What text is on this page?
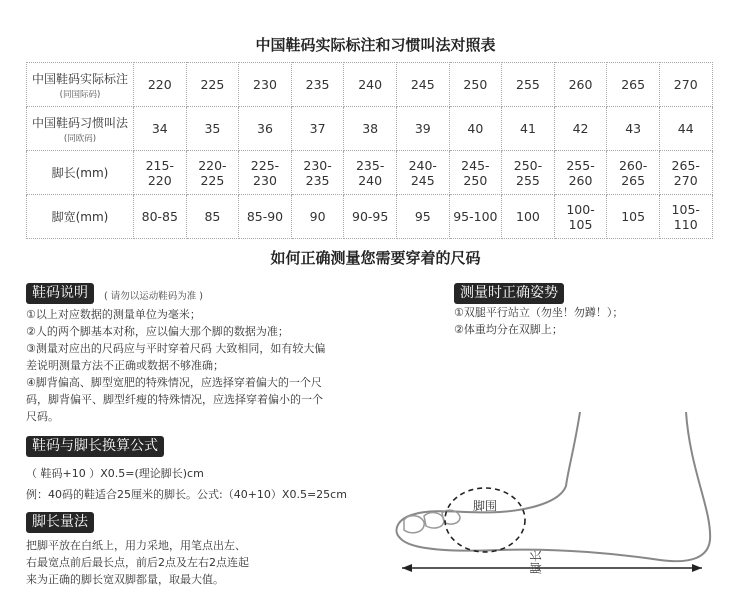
中国鞋码实际标注和习惯叫法对照表
中国鞋码实际标注
(同国际码)	220	225	230	235	240	245	250	255	260	265	270
中国鞋码习惯叫法
(同欧码)	34	35	36	37	38	39	40	41	42	43	44
脚长(mm)	215-220	220-225	225-230	230-235	235-240	240-245	245-250	250-255	255-260	260-265	265-270
脚宽(mm)	80-85	85	85-90	90	90-95	95	95-100	100	100-105	105	105-110
如何正确测量您需要穿着的尺码
鞋码说明	( 请勿以运动鞋码为准 )
①以上对应数据的测量单位为毫米；
②人的两个脚基本对称，应以偏大那个脚的数据为准；
③测量对应出的尺码应与平时穿着尺码 大致相同，如有较大偏
差说明测量方法不正确或数据不够准确；
④脚背偏高、脚型宽肥的特殊情况，应选择穿着偏大的一个尺
码，脚背偏平、脚型纤瘦的特殊情况，应选择穿着偏小的一个
尺码。
鞋码与脚长换算公式
（ 鞋码+10 ）X0.5=(理论脚长)cm
例：40码的鞋适合25厘米的脚长。公式:（40+10）X0.5=25cm
脚长量法
把脚平放在白纸上，用力采地，用笔点出左、
右最宽点前后最长点，前后2点及左右2点连起
来为正确的脚长宽双脚都量，取最大值。
测量时正确姿势
①双腿平行站立（勿坐！勿蹲！）；
②体重均分在双脚上；
脚围
脚长
